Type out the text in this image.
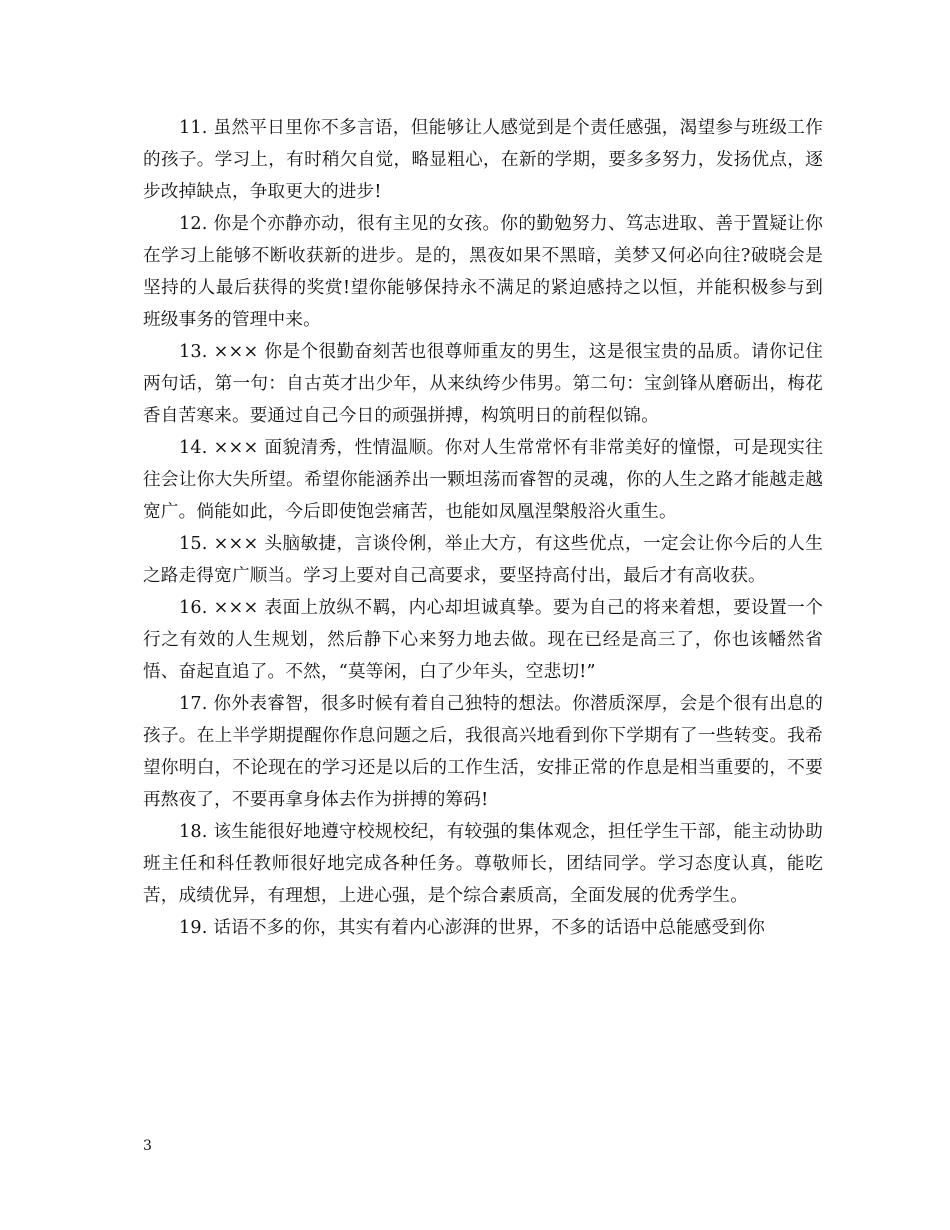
11. 虽然平日里你不多言语，但能够让人感觉到是个责任感强，渴望参与班级工作的孩子。学习上，有时稍欠自觉，略显粗心，在新的学期，要多多努力，发扬优点，逐步改掉缺点，争取更大的进步!

12. 你是个亦静亦动，很有主见的女孩。你的勤勉努力、笃志进取、善于置疑让你在学习上能够不断收获新的进步。是的，黑夜如果不黑暗，美梦又何必向往?破晓会是坚持的人最后获得的奖赏!望你能够保持永不满足的紧迫感持之以恒，并能积极参与到班级事务的管理中来。

13. ××× 你是个很勤奋刻苦也很尊师重友的男生，这是很宝贵的品质。请你记住两句话，第一句：自古英才出少年，从来纨绔少伟男。第二句：宝剑锋从磨砺出，梅花香自苦寒来。要通过自己今日的顽强拼搏，构筑明日的前程似锦。

14. ××× 面貌清秀，性情温顺。你对人生常常怀有非常美好的憧憬，可是现实往往会让你大失所望。希望你能涵养出一颗坦荡而睿智的灵魂，你的人生之路才能越走越宽广。倘能如此，今后即使饱尝痛苦，也能如凤凰涅槃般浴火重生。

15. ××× 头脑敏捷，言谈伶俐，举止大方，有这些优点，一定会让你今后的人生之路走得宽广顺当。学习上要对自己高要求，要坚持高付出，最后才有高收获。

16. ××× 表面上放纵不羁，内心却坦诚真挚。要为自己的将来着想，要设置一个行之有效的人生规划，然后静下心来努力地去做。现在已经是高三了，你也该幡然省悟、奋起直追了。不然，“莫等闲，白了少年头，空悲切!”

17. 你外表睿智，很多时候有着自己独特的想法。你潜质深厚，会是个很有出息的孩子。在上半学期提醒你作息问题之后，我很高兴地看到你下学期有了一些转变。我希望你明白，不论现在的学习还是以后的工作生活，安排正常的作息是相当重要的，不要再熬夜了，不要再拿身体去作为拼搏的筹码!

18. 该生能很好地遵守校规校纪，有较强的集体观念，担任学生干部，能主动协助班主任和科任教师很好地完成各种任务。尊敬师长，团结同学。学习态度认真，能吃苦，成绩优异，有理想，上进心强，是个综合素质高，全面发展的优秀学生。

19. 话语不多的你，其实有着内心澎湃的世界，不多的话语中总能感受到你

3
